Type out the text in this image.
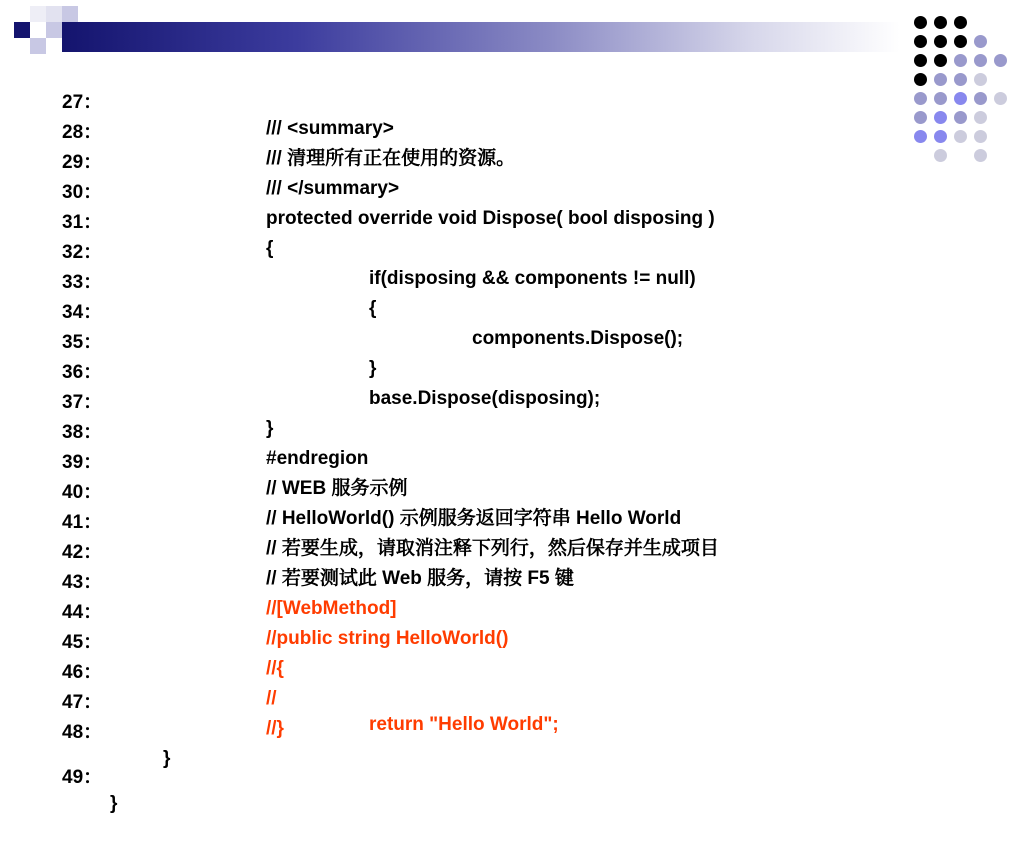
27：

/// <summary>

28：

/// 清理所有正在使用的资源。

29：

/// </summary>

30：

protected override void Dispose( bool disposing )

31：

{

32：

if(disposing && components != null)

33：

{

34：

components.Dispose();

35：

}

36：

base.Dispose(disposing);

37：

}

38：

#endregion

39：

// WEB 服务示例

40：

// HelloWorld() 示例服务返回字符串 Hello World

41：

// 若要生成，请取消注释下列行，然后保存并生成项目

42：

// 若要测试此 Web 服务，请按 F5 键

43：

//[WebMethod]

44：

//public string HelloWorld()

45：

//{

46：

//

return "Hello World";

47：

//}

48：

}

49：

}
